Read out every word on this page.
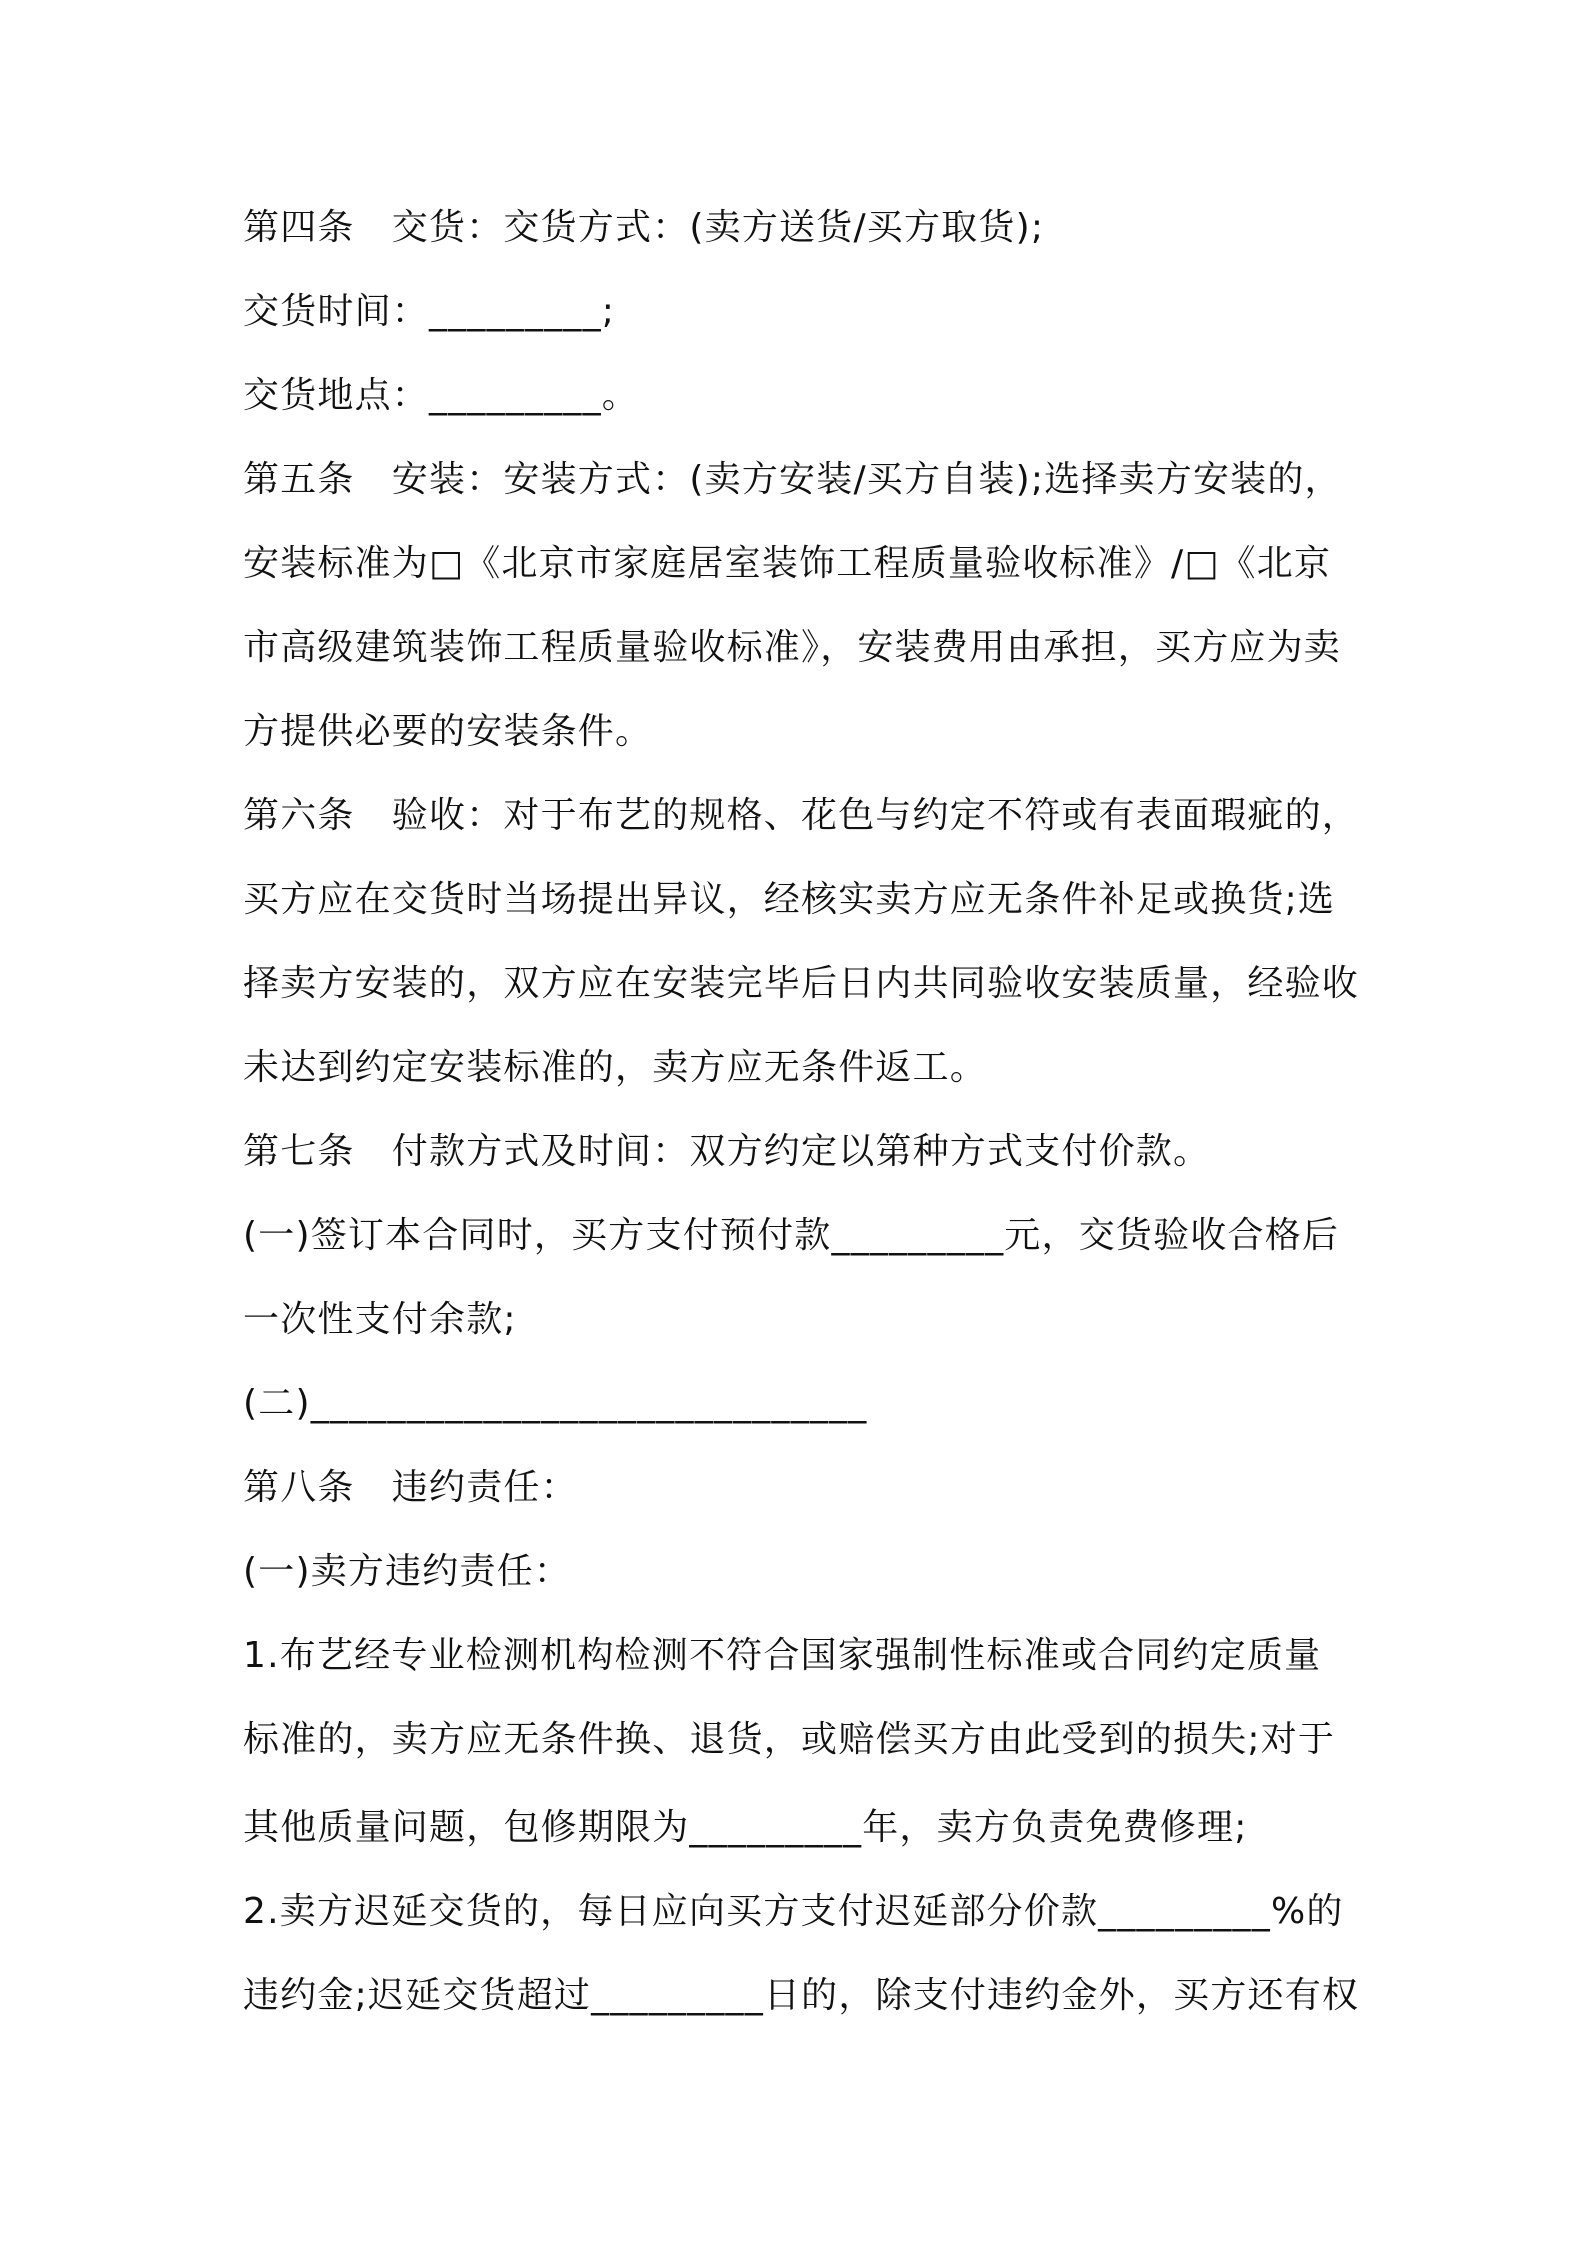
第四条　交货：交货方式：(卖方送货/买方取货);
交货时间：_________;
交货地点：_________。
第五条　安装：安装方式：(卖方安装/买方自装);选择卖方安装的，
安装标准为□《北京市家庭居室装饰工程质量验收标准》/□《北京
市高级建筑装饰工程质量验收标准》，安装费用由承担，买方应为卖
方提供必要的安装条件。
第六条　验收：对于布艺的规格、花色与约定不符或有表面瑕疵的，
买方应在交货时当场提出异议，经核实卖方应无条件补足或换货;选
择卖方安装的，双方应在安装完毕后日内共同验收安装质量，经验收
未达到约定安装标准的，卖方应无条件返工。
第七条　付款方式及时间：双方约定以第种方式支付价款。
(一)签订本合同时，买方支付预付款_________元，交货验收合格后
一次性支付余款;
(二)_____________________________
第八条　违约责任：
(一)卖方违约责任：
1.布艺经专业检测机构检测不符合国家强制性标准或合同约定质量
标准的，卖方应无条件换、退货，或赔偿买方由此受到的损失;对于
其他质量问题，包修期限为_________年，卖方负责免费修理;
2.卖方迟延交货的，每日应向买方支付迟延部分价款_________%的
违约金;迟延交货超过_________日的，除支付违约金外，买方还有权
